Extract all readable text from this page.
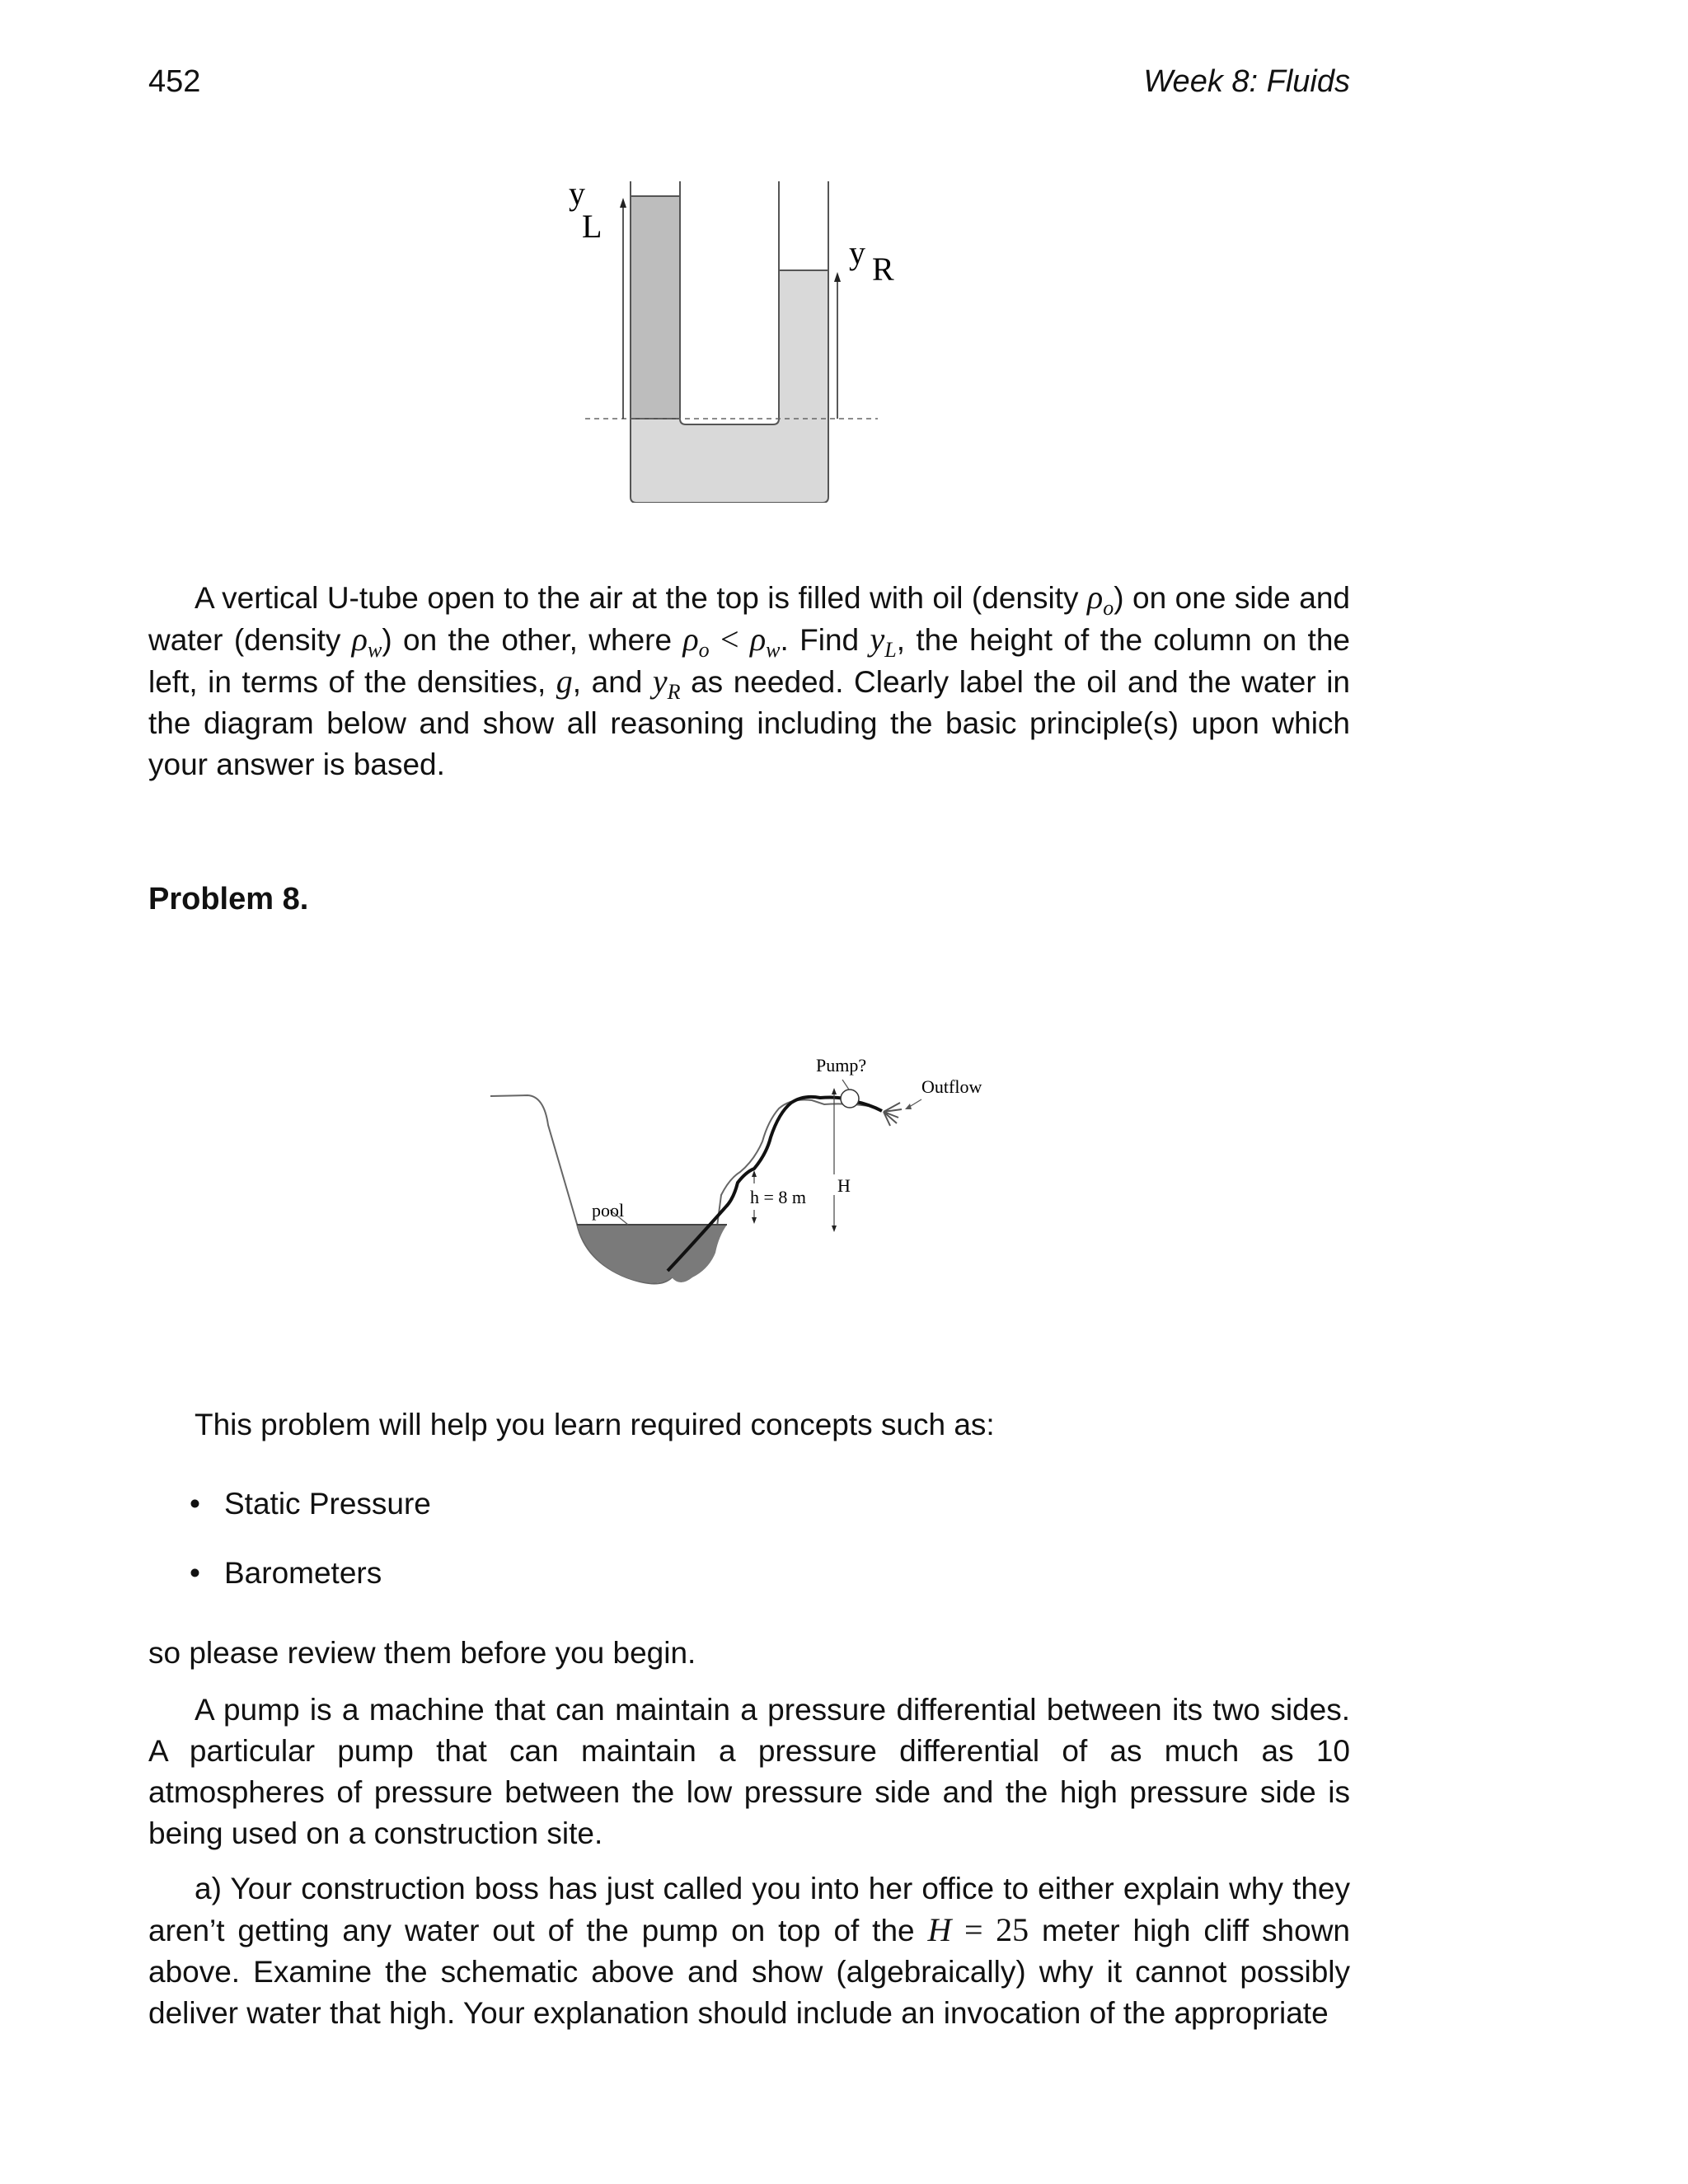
452	Week 8: Fluids
y
L
y R

A vertical U-tube open to the air at the top is filled with oil (density $\rho_o$) on one side and water (density $\rho_w$) on the other, where $\rho_o < \rho_w$. Find $y_L$, the height of the column on the left, in terms of the densities, g, and $y_R$ as needed. Clearly label the oil and the water in the diagram below and show all reasoning including the basic principle(s) upon which your answer is based.

Problem 8.
Pump?
Outflow
H
h = 8 m
pool
This problem will help you learn required concepts such as:
• Static Pressure
• Barometers
so please review them before you begin.

A pump is a machine that can maintain a pressure differential between its two sides. A particular pump that can maintain a pressure differential of as much as 10 atmospheres of pressure between the low pressure side and the high pressure side is being used on a construction site.

a) Your construction boss has just called you into her office to either explain why they aren’t getting any water out of the pump on top of the H = 25 meter high cliff shown above. Examine the schematic above and show (algebraically) why it cannot possibly deliver water that high. Your explanation should include an invocation of the appropriate
